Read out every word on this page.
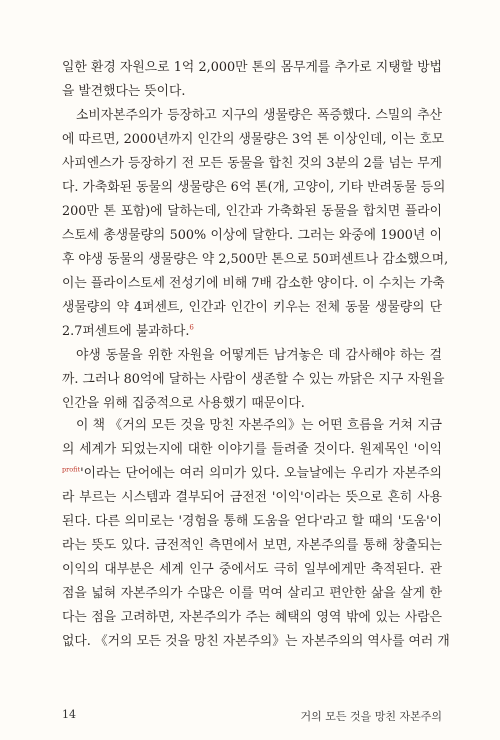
일한 환경 자원으로 1억 2,000만 톤의 몸무게를 추가로 지탱할 방법
을 발견했다는 뜻이다.
소비자본주의가 등장하고 지구의 생물량은 폭증했다. 스밀의 추산
에 따르면, 2000년까지 인간의 생물량은 3억 톤 이상인데, 이는 호모
사피엔스가 등장하기 전 모든 동물을 합친 것의 3분의 2를 넘는 무게
다. 가축화된 동물의 생물량은 6억 톤(개, 고양이, 기타 반려동물 등의
200만 톤 포함)에 달하는데, 인간과 가축화된 동물을 합치면 플라이
스토세 총생물량의 500% 이상에 달한다. 그러는 와중에 1900년 이
후 야생 동물의 생물량은 약 2,500만 톤으로 50퍼센트나 감소했으며,
이는 플라이스토세 전성기에 비해 7배 감소한 양이다. 이 수치는 가축
생물량의 약 4퍼센트, 인간과 인간이 키우는 전체 동물 생물량의 단
2.7퍼센트에 불과하다.$^6$
야생 동물을 위한 자원을 어떻게든 남겨놓은 데 감사해야 하는 걸
까. 그러나 80억에 달하는 사람이 생존할 수 있는 까닭은 지구 자원을
인간을 위해 집중적으로 사용했기 때문이다.
이 책 《거의 모든 것을 망친 자본주의》는 어떤 흐름을 거쳐 지금
의 세계가 되었는지에 대한 이야기를 들려줄 것이다. 원제목인 '이익
$^{profit}$'이라는 단어에는 여러 의미가 있다. 오늘날에는 우리가 자본주의
라 부르는 시스템과 결부되어 금전전 '이익'이라는 뜻으로 흔히 사용
된다. 다른 의미로는 '경험을 통해 도움을 얻다'라고 할 때의 '도움'이
라는 뜻도 있다. 금전적인 측면에서 보면, 자본주의를 통해 창출되는
이익의 대부분은 세계 인구 중에서도 극히 일부에게만 축적된다. 관
점을 넓혀 자본주의가 수많은 이를 먹여 살리고 편안한 삶을 살게 한
다는 점을 고려하면, 자본주의가 주는 혜택의 영역 밖에 있는 사람은
없다. 《거의 모든 것을 망친 자본주의》는 자본주의의 역사를 여러 개
14	거의 모든 것을 망친 자본주의
